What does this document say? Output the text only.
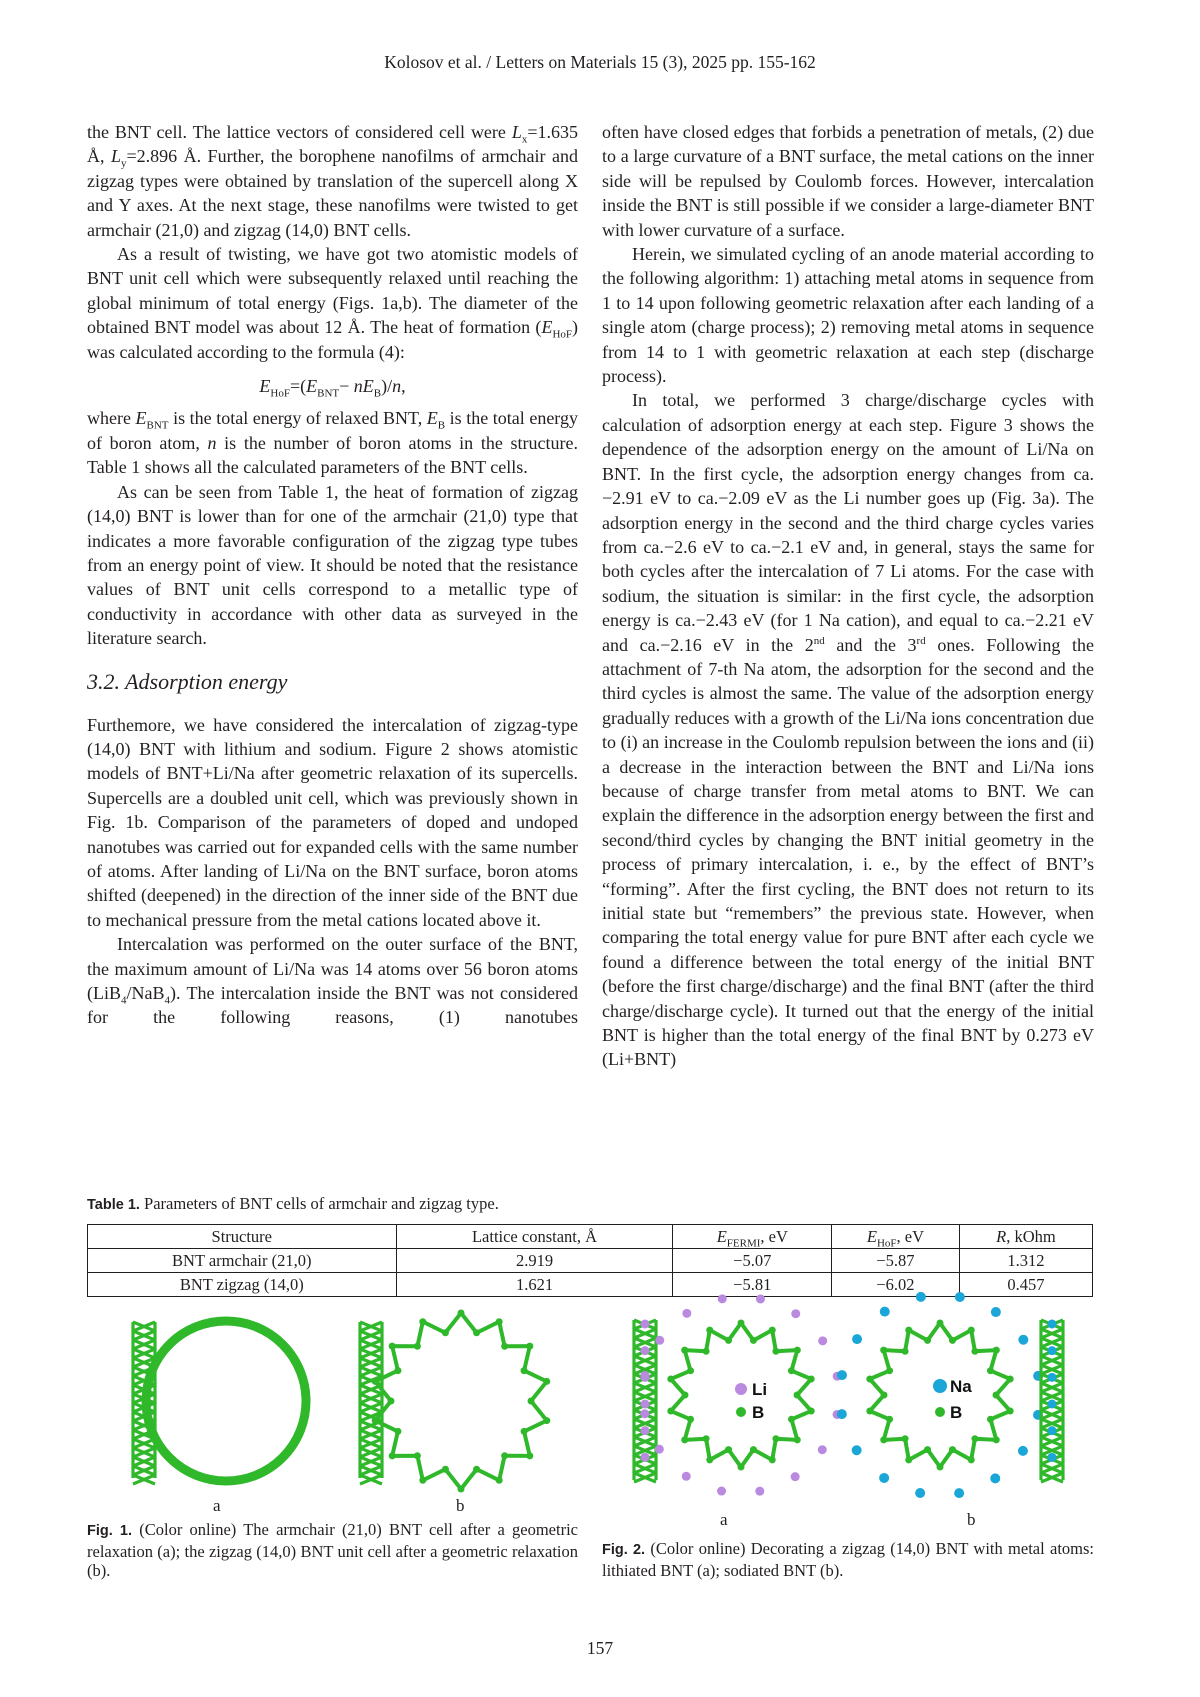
Kolosov et al. / Letters on Materials 15 (3), 2025 pp. 155-162

the BNT cell. The lattice vectors of considered cell were Lx=1.635 Å, Ly=2.896 Å. Further, the borophene nanofilms of armchair and zigzag types were obtained by translation of the supercell along X and Y axes. At the next stage, these nanofilms were twisted to get armchair (21,0) and zigzag (14,0) BNT cells.

As a result of twisting, we have got two atomistic models of BNT unit cell which were subsequently relaxed until reaching the global minimum of total energy (Figs. 1a,b). The diameter of the obtained BNT model was about 12 Å. The heat of formation (EHoF) was calculated according to the formula (4):

EHoF=(EBNT− nEB)/n,

where EBNT is the total energy of relaxed BNT, EB is the total energy of boron atom, n is the number of boron atoms in the structure. Table 1 shows all the calculated parameters of the BNT cells.

As can be seen from Table 1, the heat of formation of zigzag (14,0) BNT is lower than for one of the armchair (21,0) type that indicates a more favorable configuration of the zigzag type tubes from an energy point of view. It should be noted that the resistance values of BNT unit cells correspond to a metallic type of conductivity in accordance with other data as surveyed in the literature search.

3.2. Adsorption energy

Furthemore, we have considered the intercalation of zigzag-type (14,0) BNT with lithium and sodium. Figure 2 shows atomistic models of BNT+Li/Na after geometric relaxation of its supercells. Supercells are a doubled unit cell, which was previously shown in Fig. 1b. Comparison of the parameters of doped and undoped nanotubes was carried out for expanded cells with the same number of atoms. After landing of Li/Na on the BNT surface, boron atoms shifted (deepened) in the direction of the inner side of the BNT due to mechanical pressure from the metal cations located above it.

Intercalation was performed on the outer surface of the BNT, the maximum amount of Li/Na was 14 atoms over 56 boron atoms (LiB4/NaB4). The intercalation inside the BNT was not considered for the following reasons, (1) nanotubes

often have closed edges that forbids a penetration of metals, (2) due to a large curvature of a BNT surface, the metal cations on the inner side will be repulsed by Coulomb forces. However, intercalation inside the BNT is still possible if we consider a large-diameter BNT with lower curvature of a surface.

Herein, we simulated cycling of an anode material according to the following algorithm: 1) attaching metal atoms in sequence from 1 to 14 upon following geometric relaxation after each landing of a single atom (charge process); 2) removing metal atoms in sequence from 14 to 1 with geometric relaxation at each step (discharge process).

In total, we performed 3 charge/discharge cycles with calculation of adsorption energy at each step. Figure 3 shows the dependence of the adsorption energy on the amount of Li/Na on BNT. In the first cycle, the adsorption energy changes from ca.−2.91 eV to ca.−2.09 eV as the Li number goes up (Fig. 3a). The adsorption energy in the second and the third charge cycles varies from ca.−2.6 eV to ca.−2.1 eV and, in general, stays the same for both cycles after the intercalation of 7 Li atoms. For the case with sodium, the situation is similar: in the first cycle, the adsorption energy is ca.−2.43 eV (for 1 Na cation), and equal to ca.−2.21 eV and ca.−2.16 eV in the 2nd and the 3rd ones. Following the attachment of 7-th Na atom, the adsorption for the second and the third cycles is almost the same. The value of the adsorption energy gradually reduces with a growth of the Li/Na ions concentration due to (i) an increase in the Coulomb repulsion between the ions and (ii) a decrease in the interaction between the BNT and Li/Na ions because of charge transfer from metal atoms to BNT. We can explain the difference in the adsorption energy between the first and second/third cycles by changing the BNT initial geometry in the process of primary intercalation, i. e., by the effect of BNT’s “forming”. After the first cycling, the BNT does not return to its initial state but “remembers” the previous state. However, when comparing the total energy value for pure BNT after each cycle we found a difference between the total energy of the initial BNT (before the first charge/discharge) and the final BNT (after the third charge/discharge cycle). It turned out that the energy of the initial BNT is higher than the total energy of the final BNT by 0.273 eV (Li+BNT)

Table 1. Parameters of BNT cells of armchair and zigzag type.
Structure	Lattice constant, Å	EFERMI, eV	EHoF, eV	R, kOhm
BNT armchair (21,0)	2.919	−5.07	−5.87	1.312
BNT zigzag (14,0)	1.621	−5.81	−6.02	0.457
Li
B
Na
B
a	b
a	b
Fig. 1. (Color online) The armchair (21,0) BNT cell after a geometric relaxation (a); the zigzag (14,0) BNT unit cell after a geometric relaxation (b).
Fig. 2. (Color online) Decorating a zigzag (14,0) BNT with metal atoms: lithiated BNT (a); sodiated BNT (b).
157
